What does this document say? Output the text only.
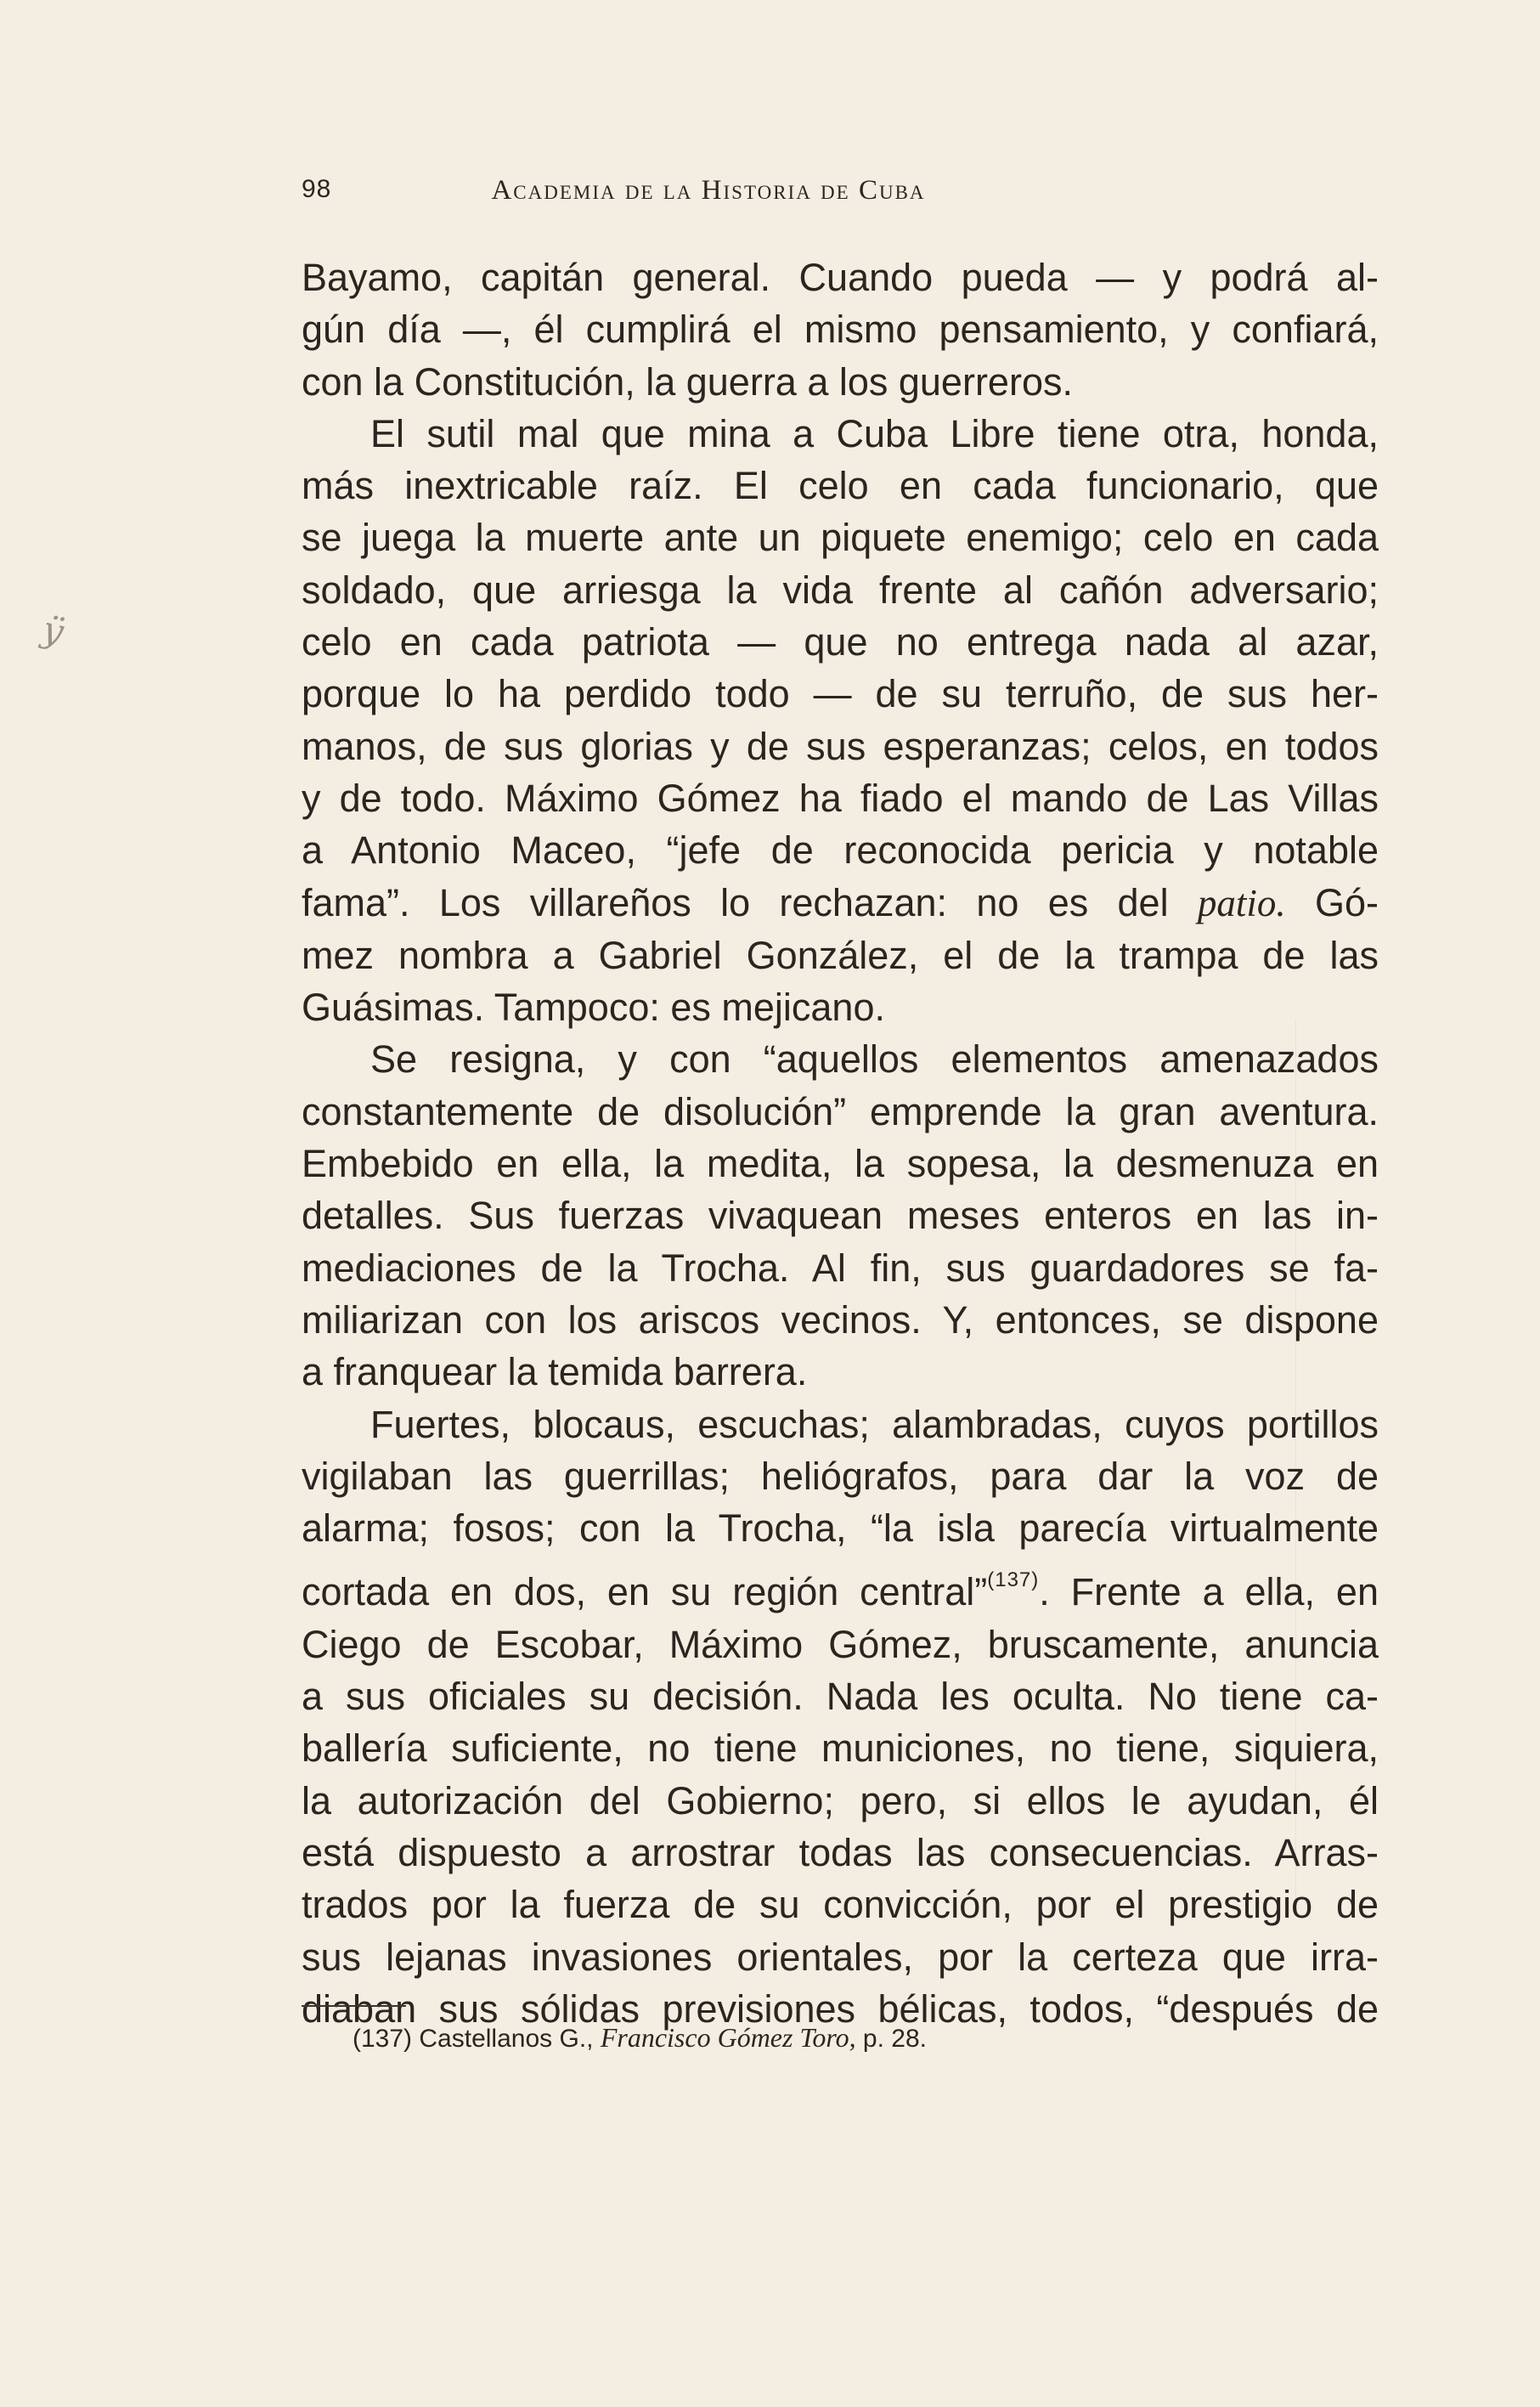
ÿ
98	Academia de la Historia de Cuba
Bayamo, capitán general. Cuando pueda — y podrá al-
gún día —, él cumplirá el mismo pensamiento, y confiará,
con la Constitución, la guerra a los guerreros.
El sutil mal que mina a Cuba Libre tiene otra, honda,
más inextricable raíz. El celo en cada funcionario, que
se juega la muerte ante un piquete enemigo; celo en cada
soldado, que arriesga la vida frente al cañón adversario;
celo en cada patriota — que no entrega nada al azar,
porque lo ha perdido todo — de su terruño, de sus her-
manos, de sus glorias y de sus esperanzas; celos, en todos
y de todo. Máximo Gómez ha fiado el mando de Las Villas
a Antonio Maceo, “jefe de reconocida pericia y notable
fama”. Los villareños lo rechazan: no es del patio. Gó-
mez nombra a Gabriel González, el de la trampa de las
Guásimas. Tampoco: es mejicano.
Se resigna, y con “aquellos elementos amenazados
constantemente de disolución” emprende la gran aventura.
Embebido en ella, la medita, la sopesa, la desmenuza en
detalles. Sus fuerzas vivaquean meses enteros en las in-
mediaciones de la Trocha. Al fin, sus guardadores se fa-
miliarizan con los ariscos vecinos. Y, entonces, se dispone
a franquear la temida barrera.
Fuertes, blocaus, escuchas; alambradas, cuyos portillos
vigilaban las guerrillas; heliógrafos, para dar la voz de
alarma; fosos; con la Trocha, “la isla parecía virtualmente
cortada en dos, en su región central”$^{(137)}$. Frente a ella, en
Ciego de Escobar, Máximo Gómez, bruscamente, anuncia
a sus oficiales su decisión. Nada les oculta. No tiene ca-
ballería suficiente, no tiene municiones, no tiene, siquiera,
la autorización del Gobierno; pero, si ellos le ayudan, él
está dispuesto a arrostrar todas las consecuencias. Arras-
trados por la fuerza de su convicción, por el prestigio de
sus lejanas invasiones orientales, por la certeza que irra-
diaban sus sólidas previsiones bélicas, todos, “después de
(137) Castellanos G., Francisco Gómez Toro, p. 28.
